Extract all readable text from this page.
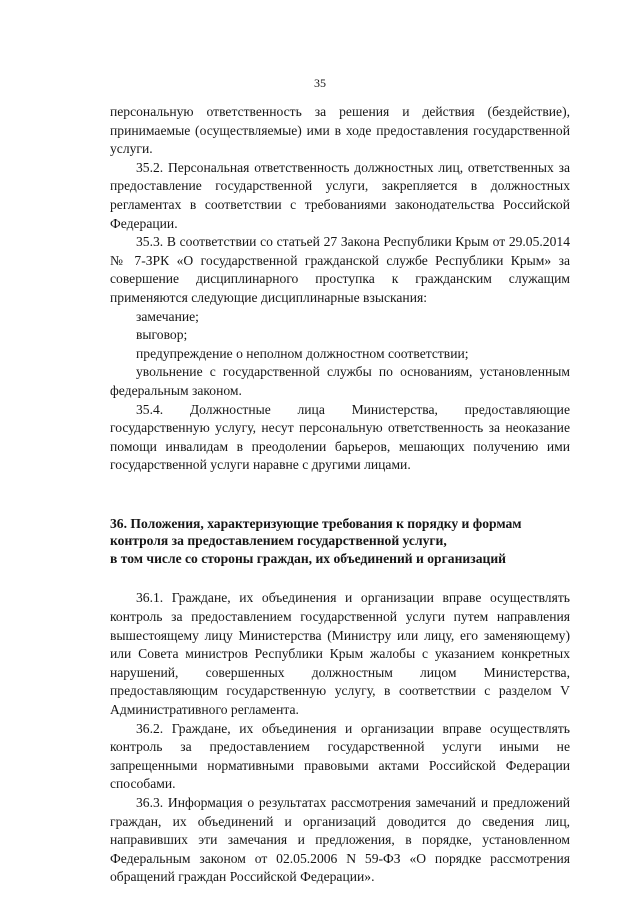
35

персональную ответственность за решения и действия (бездействие), принимаемые (осуществляемые) ими в ходе предоставления государственной услуги.

35.2. Персональная ответственность должностных лиц, ответственных за предоставление государственной услуги, закрепляется в должностных регламентах в соответствии с требованиями законодательства Российской Федерации.

35.3. В соответствии со статьей 27 Закона Республики Крым от 29.05.2014 № 7-ЗРК «О государственной гражданской службе Республики Крым» за совершение дисциплинарного проступка к гражданским служащим применяются следующие дисциплинарные взыскания:

замечание;

выговор;

предупреждение о неполном должностном соответствии;

увольнение с государственной службы по основаниям, установленным федеральным законом.

35.4. Должностные лица Министерства, предоставляющие государственную услугу, несут персональную ответственность за неоказание помощи инвалидам в преодолении барьеров, мешающих получению ими государственной услуги наравне с другими лицами.

36. Положения, характеризующие требования к порядку и формам

контроля за предоставлением государственной услуги,

в том числе со стороны граждан, их объединений и организаций

36.1. Граждане, их объединения и организации вправе осуществлять контроль за предоставлением государственной услуги путем направления вышестоящему лицу Министерства (Министру или лицу, его заменяющему) или Совета министров Республики Крым жалобы с указанием конкретных нарушений, совершенных должностным лицом Министерства, предоставляющим государственную услугу, в соответствии с разделом V Административного регламента.

36.2. Граждане, их объединения и организации вправе осуществлять контроль за предоставлением государственной услуги иными не запрещенными нормативными правовыми актами Российской Федерации способами.

36.3. Информация о результатах рассмотрения замечаний и предложений граждан, их объединений и организаций доводится до сведения лиц, направивших эти замечания и предложения, в порядке, установленном Федеральным законом от 02.05.2006 N 59-ФЗ «О порядке рассмотрения обращений граждан Российской Федерации».
